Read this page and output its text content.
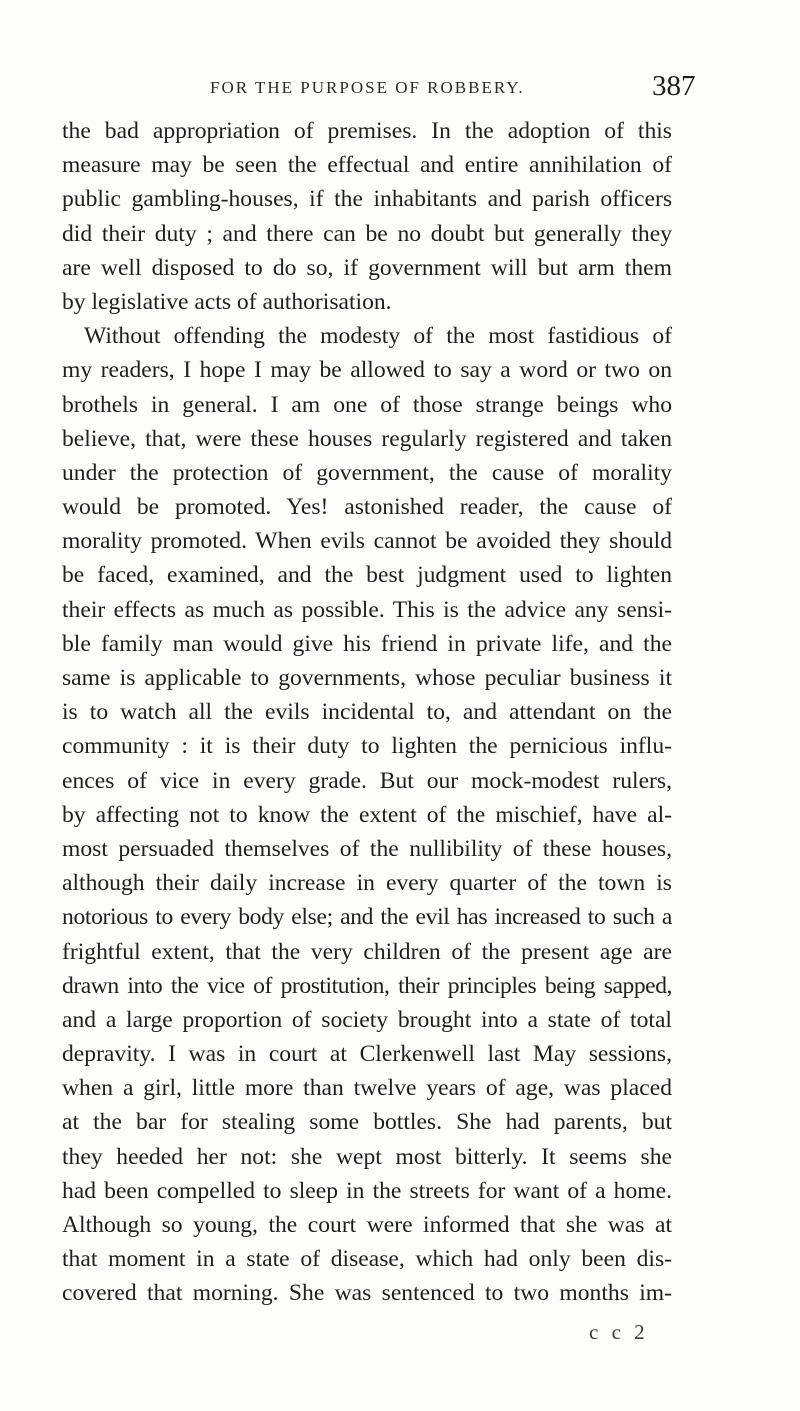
FOR THE PURPOSE OF ROBBERY.	387
the bad appropriation of premises. In the adoption of this
measure may be seen the effectual and entire annihilation of
public gambling-houses, if the inhabitants and parish officers
did their duty ; and there can be no doubt but generally they
are well disposed to do so, if government will but arm them
by legislative acts of authorisation.
Without offending the modesty of the most fastidious of
my readers, I hope I may be allowed to say a word or two on
brothels in general. I am one of those strange beings who
believe, that, were these houses regularly registered and taken
under the protection of government, the cause of morality
would be promoted. Yes! astonished reader, the cause of
morality promoted. When evils cannot be avoided they should
be faced, examined, and the best judgment used to lighten
their effects as much as possible. This is the advice any sensi-
ble family man would give his friend in private life, and the
same is applicable to governments, whose peculiar business it
is to watch all the evils incidental to, and attendant on the
community : it is their duty to lighten the pernicious influ-
ences of vice in every grade. But our mock-modest rulers,
by affecting not to know the extent of the mischief, have al-
most persuaded themselves of the nullibility of these houses,
although their daily increase in every quarter of the town is
notorious to every body else; and the evil has increased to such a
frightful extent, that the very children of the present age are
drawn into the vice of prostitution, their principles being sapped,
and a large proportion of society brought into a state of total
depravity. I was in court at Clerkenwell last May sessions,
when a girl, little more than twelve years of age, was placed
at the bar for stealing some bottles. She had parents, but
they heeded her not: she wept most bitterly. It seems she
had been compelled to sleep in the streets for want of a home.
Although so young, the court were informed that she was at
that moment in a state of disease, which had only been dis-
covered that morning. She was sentenced to two months im-
c c 2
